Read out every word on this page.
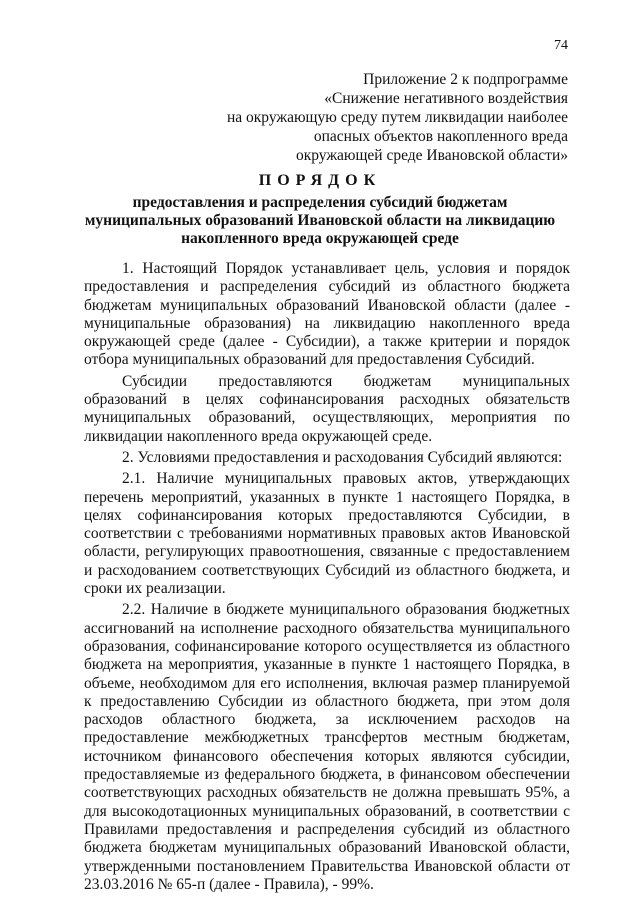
74
Приложение 2 к подпрограмме
«Снижение негативного воздействия
на окружающую среду путем ликвидации наиболее
опасных объектов накопленного вреда
окружающей среде Ивановской области»
ПОРЯДОК
предоставления и распределения субсидий бюджетам
муниципальных образований Ивановской области на ликвидацию
накопленного вреда окружающей среде

1. Настоящий Порядок устанавливает цель, условия и порядок предоставления и распределения субсидий из областного бюджета бюджетам муниципальных образований Ивановской области (далее - муниципальные образования) на ликвидацию накопленного вреда окружающей среде (далее - Субсидии), а также критерии и порядок отбора муниципальных образований для предоставления Субсидий.

Субсидии предоставляются бюджетам муниципальных образований в целях софинансирования расходных обязательств муниципальных образований, осуществляющих, мероприятия по ликвидации накопленного вреда окружающей среде.

2. Условиями предоставления и расходования Субсидий являются:

2.1. Наличие муниципальных правовых актов, утверждающих перечень мероприятий, указанных в пункте 1 настоящего Порядка, в целях софинансирования которых предоставляются Субсидии, в соответствии с требованиями нормативных правовых актов Ивановской области, регулирующих правоотношения, связанные с предоставлением и расходованием соответствующих Субсидий из областного бюджета, и сроки их реализации.

2.2. Наличие в бюджете муниципального образования бюджетных ассигнований на исполнение расходного обязательства муниципального образования, софинансирование которого осуществляется из областного бюджета на мероприятия, указанные в пункте 1 настоящего Порядка, в объеме, необходимом для его исполнения, включая размер планируемой к предоставлению Субсидии из областного бюджета, при этом доля расходов областного бюджета, за исключением расходов на предоставление межбюджетных трансфертов местным бюджетам, источником финансового обеспечения которых являются субсидии, предоставляемые из федерального бюджета, в финансовом обеспечении соответствующих расходных обязательств не должна превышать 95%, а для высокодотационных муниципальных образований, в соответствии с Правилами предоставления и распределения субсидий из областного бюджета бюджетам муниципальных образований Ивановской области, утвержденными постановлением Правительства Ивановской области от 23.03.2016 № 65-п (далее - Правила), - 99%.
